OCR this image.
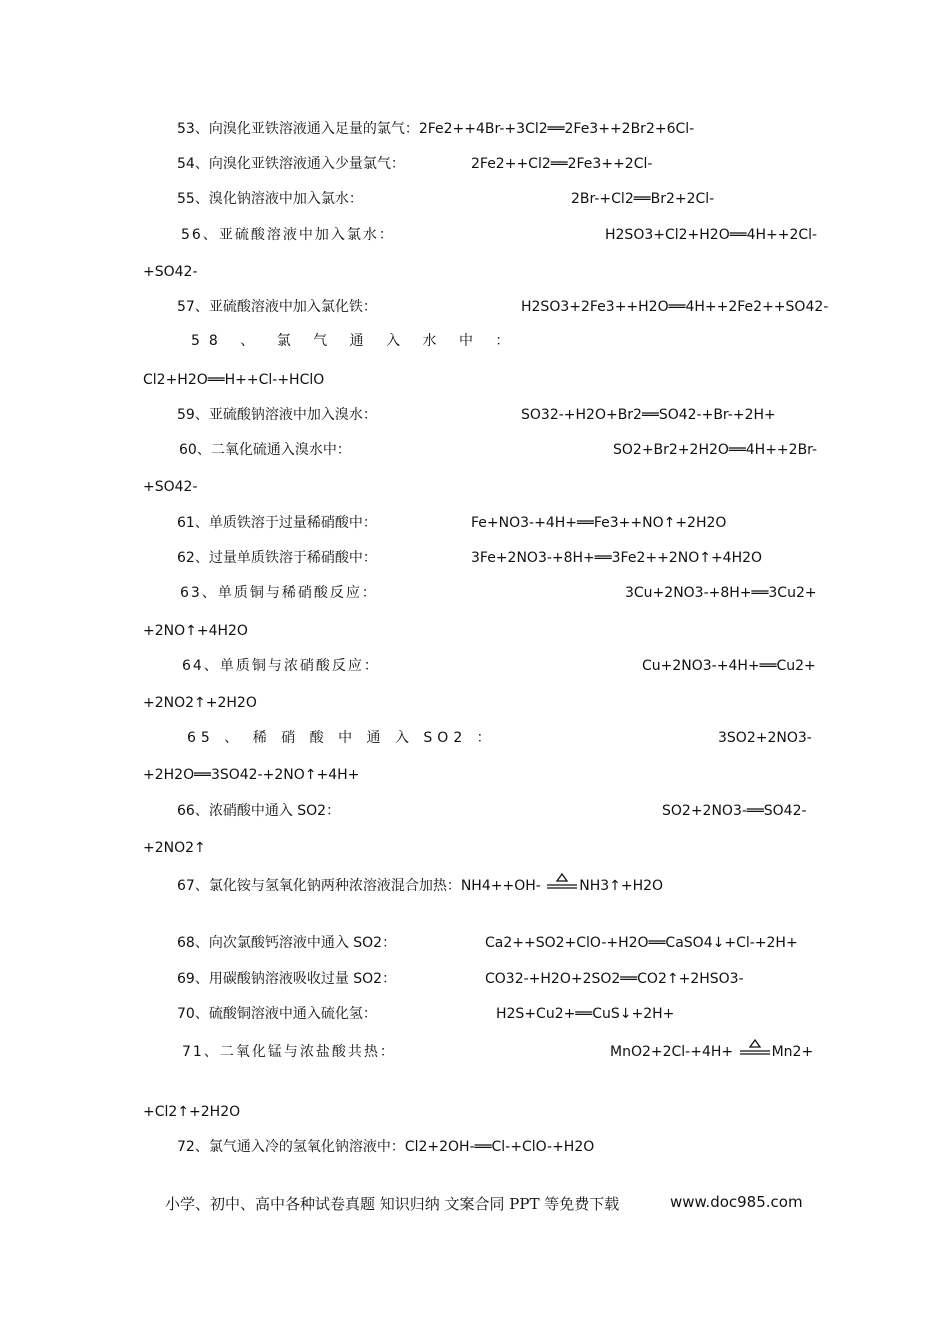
53、向溴化亚铁溶液通入足量的氯气：2Fe2++4Br-+3Cl2══2Fe3++2Br2+6Cl-
54、向溴化亚铁溶液通入少量氯气：	2Fe2++Cl2══2Fe3++2Cl-
55、溴化钠溶液中加入氯水：	2Br-+Cl2══Br2+2Cl-
56、亚硫酸溶液中加入氯水：	H2SO3+Cl2+H2O══4H++2Cl-
+SO42-
57、亚硫酸溶液中加入氯化铁：	H2SO3+2Fe3++H2O══4H++2Fe2++SO42-
58 、 氯 气 通 入 水 中 ：
Cl2+H2O══H++Cl-+HClO
59、亚硫酸钠溶液中加入溴水：	SO32-+H2O+Br2══SO42-+Br-+2H+
60、二氧化硫通入溴水中：	SO2+Br2+2H2O══4H++2Br-
+SO42-
61、单质铁溶于过量稀硝酸中：	Fe+NO3-+4H+══Fe3++NO↑+2H2O
62、过量单质铁溶于稀硝酸中：	3Fe+2NO3-+8H+══3Fe2++2NO↑+4H2O
63、单质铜与稀硝酸反应：	3Cu+2NO3-+8H+══3Cu2+
+2NO↑+4H2O
64、单质铜与浓硝酸反应：	Cu+2NO3-+4H+══Cu2+
+2NO2↑+2H2O
65 、 稀 硝 酸 中 通 入 SO2 ：	3SO2+2NO3-
+2H2O══3SO42-+2NO↑+4H+
66、浓硝酸中通入 SO2：	SO2+2NO3-══SO42-
+2NO2↑
67、氯化铵与氢氧化钠两种浓溶液混合加热：NH4++OH-	NH3↑+H2O
68、向次氯酸钙溶液中通入 SO2：	Ca2++SO2+ClO-+H2O══CaSO4↓+Cl-+2H+
69、用碳酸钠溶液吸收过量 SO2：	CO32-+H2O+2SO2══CO2↑+2HSO3-
70、硫酸铜溶液中通入硫化氢：	H2S+Cu2+══CuS↓+2H+
71、二氧化锰与浓盐酸共热：	MnO2+2Cl-+4H+	Mn2+
+Cl2↑+2H2O
72、氯气通入冷的氢氧化钠溶液中：Cl2+2OH-══Cl-+ClO-+H2O
小学、初中、高中各种试卷真题 知识归纳 文案合同 PPT 等免费下载	www.doc985.com
